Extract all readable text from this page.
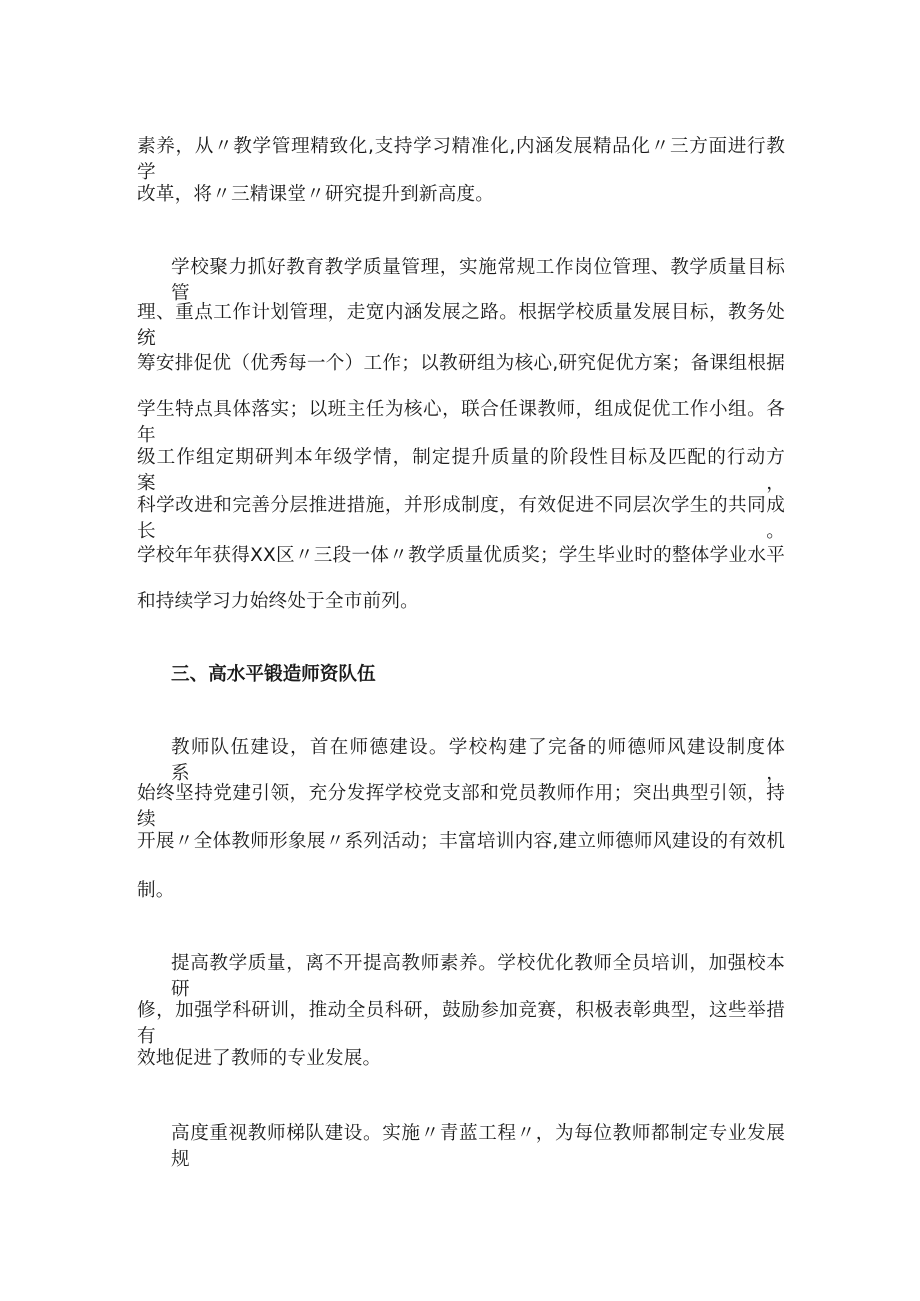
素养，从〃教学管理精致化,支持学习精准化,内涵发展精品化〃三方面进行教学
改革，将〃三精课堂〃研究提升到新高度。
学校聚力抓好教育教学质量管理，实施常规工作岗位管理、教学质量目标管
理、重点工作计划管理，走宽内涵发展之路。根据学校质量发展目标，教务处统
筹安排促优（优秀每一个）工作；以教研组为核心,研究促优方案；备课组根据
学生特点具体落实；以班主任为核心，联合任课教师，组成促优工作小组。各年
级工作组定期研判本年级学情，制定提升质量的阶段性目标及匹配的行动方案，
科学改进和完善分层推进措施，并形成制度，有效促进不同层次学生的共同成长。
学校年年获得XX区〃三段一体〃教学质量优质奖；学生毕业时的整体学业水平
和持续学习力始终处于全市前列。
三、高水平锻造师资队伍
教师队伍建设，首在师德建设。学校构建了完备的师德师风建设制度体系，
始终坚持党建引领，充分发挥学校党支部和党员教师作用；突出典型引领，持续
开展〃全体教师形象展〃系列活动；丰富培训内容,建立师德师风建设的有效机
制。
提高教学质量，离不开提高教师素养。学校优化教师全员培训，加强校本研
修，加强学科研训，推动全员科研，鼓励参加竞赛，积极表彰典型，这些举措有
效地促进了教师的专业发展。
高度重视教师梯队建设。实施〃青蓝工程〃，为每位教师都制定专业发展规
